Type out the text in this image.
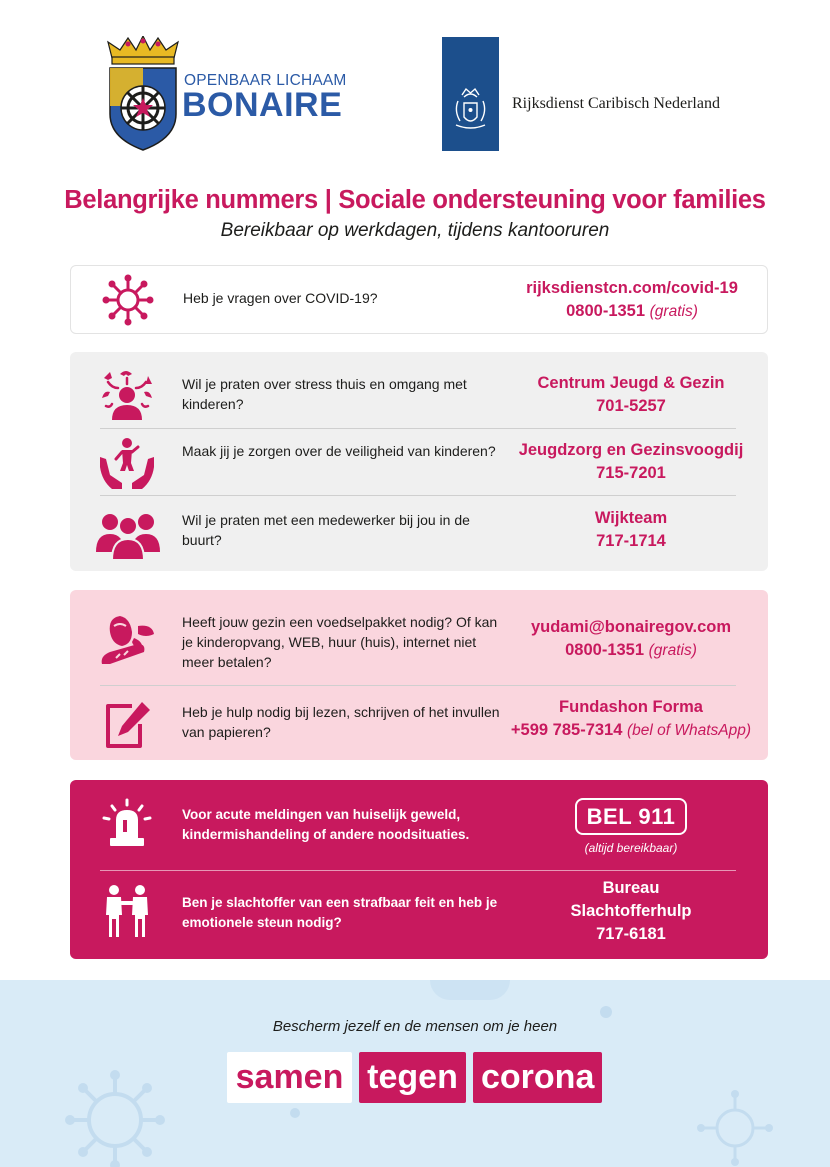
OPENBAAR LICHAAM
BONAIRE	Rijksdienst Caribisch Nederland
Belangrijke nummers | Sociale ondersteuning voor families
Bereikbaar op werkdagen, tijdens kantooruren
Heb je vragen over COVID-19?
rijksdienstcn.com/covid-19
0800-1351 (gratis)
Wil je praten over stress thuis en omgang met kinderen?
Centrum Jeugd & Gezin
701-5257
Maak jij je zorgen over de veiligheid van kinderen?	Jeugdzorg en Gezinsvoogdij
715-7201
Wil je praten met een medewerker bij jou in de buurt?
Wijkteam
717-1714
Heeft jouw gezin een voedselpakket nodig? Of kan je kinderopvang, WEB, huur (huis), internet niet meer betalen?
yudami@bonairegov.com
0800-1351 (gratis)
Heb je hulp nodig bij lezen, schrijven of het invullen van papieren?
Fundashon Forma
+599 785-7314 (bel of WhatsApp)
Voor acute meldingen van huiselijk geweld, kindermishandeling of andere noodsituaties.
BEL 911
(altijd bereikbaar)
Ben je slachtoffer van een strafbaar feit en heb je emotionele steun nodig?
Bureau
Slachtofferhulp
717-6181
Bescherm jezelf en de mensen om je heen
samen tegen corona
